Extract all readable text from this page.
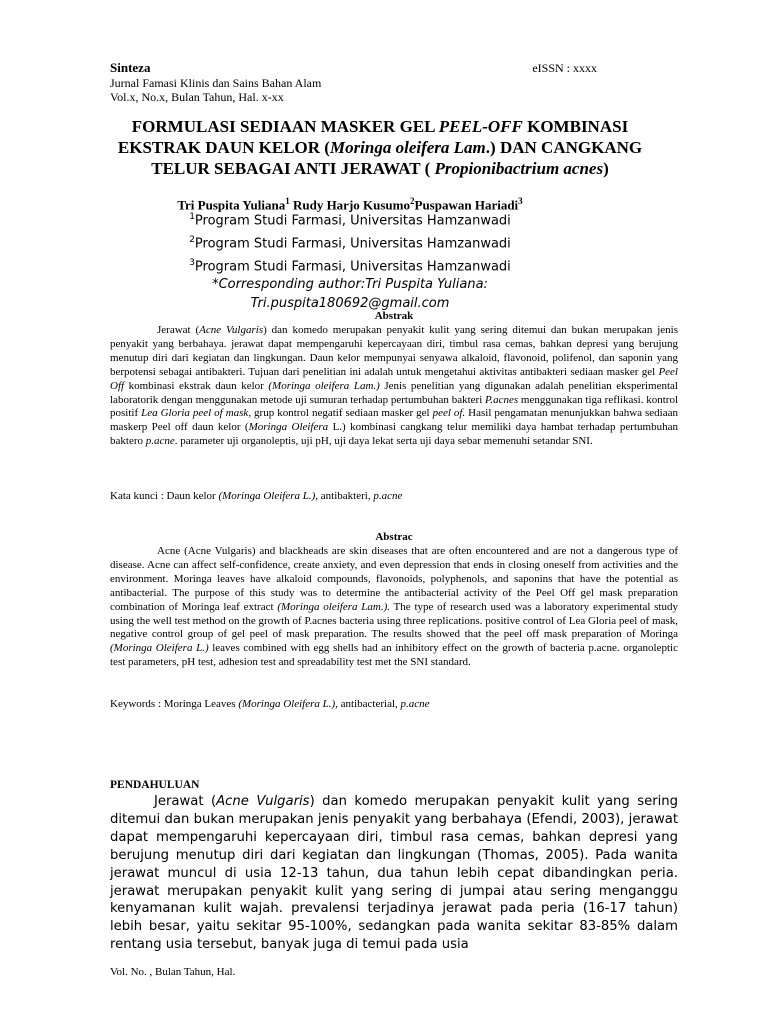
Sinteza	eISSN : xxxx
Jurnal Famasi Klinis dan Sains Bahan Alam
Vol.x, No.x, Bulan Tahun, Hal. x-xx
FORMULASI SEDIAAN MASKER GEL PEEL-OFF KOMBINASI EKSTRAK DAUN KELOR (Moringa oleifera Lam.) DAN CANGKANG TELUR SEBAGAI ANTI JERAWAT ( Propionibactrium acnes)
Tri Puspita Yuliana$^1$ Rudy Harjo Kusumo$^2$Puspawan Hariadi$^3$
$^1$Program Studi Farmasi, Universitas Hamzanwadi
$^2$Program Studi Farmasi, Universitas Hamzanwadi
$^3$Program Studi Farmasi, Universitas Hamzanwadi
*Corresponding author:Tri Puspita Yuliana:
Tri.puspita180692@gmail.com
Abstrak
Jerawat (Acne Vulgaris) dan komedo merupakan penyakit kulit yang sering ditemui dan bukan merupakan jenis penyakit yang berbahaya. jerawat dapat mempengaruhi kepercayaan diri, timbul rasa cemas, bahkan depresi yang berujung menutup diri dari kegiatan dan lingkungan. Daun kelor mempunyai senyawa alkaloid, flavonoid, polifenol, dan saponin yang berpotensi sebagai antibakteri. Tujuan dari penelitian ini adalah untuk mengetahui aktivitas antibakteri sediaan masker gel Peel Off kombinasi ekstrak daun kelor (Moringa oleifera Lam.) Jenis penelitian yang digunakan adalah penelitian eksperimental laboratorik dengan menggunakan metode uji sumuran terhadap pertumbuhan bakteri P.acnes menggunakan tiga reflikasi. kontrol positif Lea Gloria peel of mask, grup kontrol negatif sediaan masker gel peel of. Hasil pengamatan menunjukkan bahwa sediaan maskerp Peel off daun kelor (Moringa Oleifera L.) kombinasi cangkang telur memiliki daya hambat terhadap pertumbuhan baktero p.acne. parameter uji organoleptis, uji pH, uji daya lekat serta uji daya sebar memenuhi setandar SNI.
Kata kunci : Daun kelor (Moringa Oleifera L.), antibakteri, p.acne
Abstrac
Acne (Acne Vulgaris) and blackheads are skin diseases that are often encountered and are not a dangerous type of disease. Acne can affect self-confidence, create anxiety, and even depression that ends in closing oneself from activities and the environment. Moringa leaves have alkaloid compounds, flavonoids, polyphenols, and saponins that have the potential as antibacterial. The purpose of this study was to determine the antibacterial activity of the Peel Off gel mask preparation combination of Moringa leaf extract (Moringa oleifera Lam.). The type of research used was a laboratory experimental study using the well test method on the growth of P.acnes bacteria using three replications. positive control of Lea Gloria peel of mask, negative control group of gel peel of mask preparation. The results showed that the peel off mask preparation of Moringa (Moringa Oleifera L.) leaves combined with egg shells had an inhibitory effect on the growth of bacteria p.acne. organoleptic test parameters, pH test, adhesion test and spreadability test met the SNI standard.
Keywords : Moringa Leaves (Moringa Oleifera L.), antibacterial, p.acne
PENDAHULUAN
Jerawat (Acne Vulgaris) dan komedo merupakan penyakit kulit yang sering ditemui dan bukan merupakan jenis penyakit yang berbahaya (Efendi, 2003), jerawat dapat mempengaruhi kepercayaan diri, timbul rasa cemas, bahkan depresi yang berujung menutup diri dari kegiatan dan lingkungan (Thomas, 2005). Pada wanita jerawat muncul di usia 12-13 tahun, dua tahun lebih cepat dibandingkan peria. jerawat merupakan penyakit kulit yang sering di jumpai atau sering menganggu kenyamanan kulit wajah. prevalensi terjadinya jerawat pada peria (16-17 tahun) lebih besar, yaitu sekitar 95-100%, sedangkan pada wanita sekitar 83-85% dalam rentang usia tersebut, banyak juga di temui pada usia
Vol. No. , Bulan Tahun, Hal.
